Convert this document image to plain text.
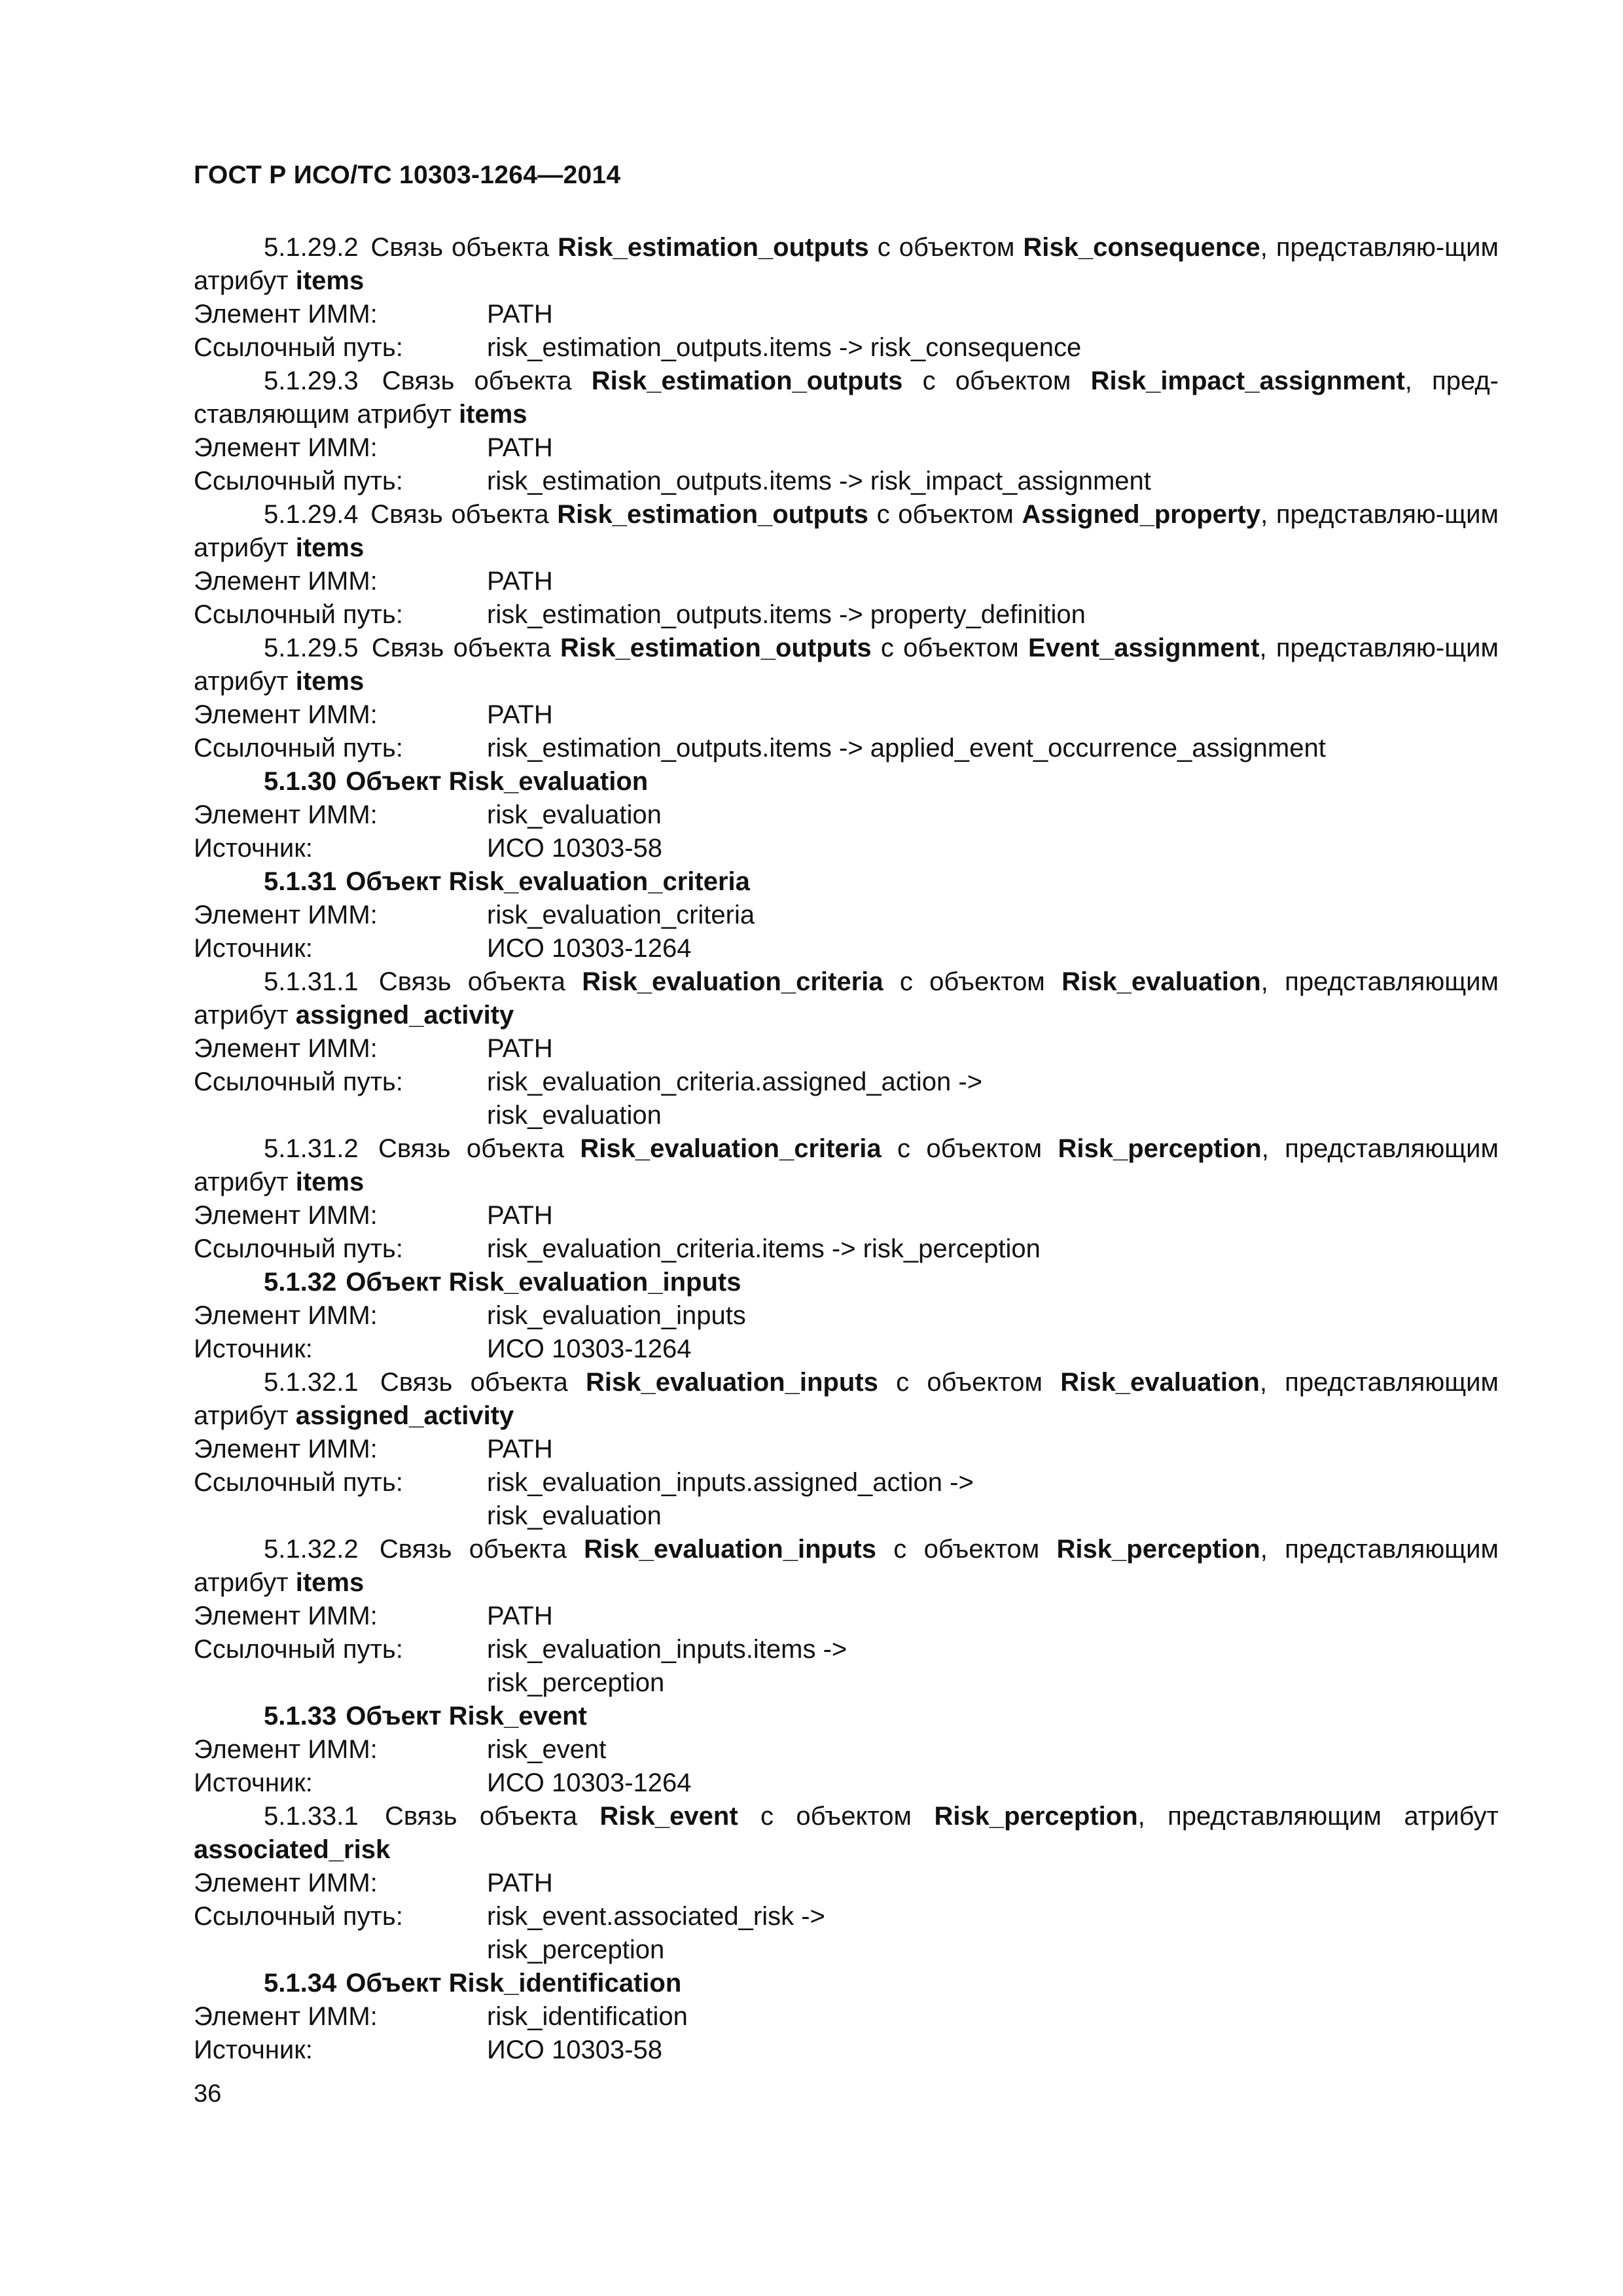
ГОСТ Р ИСО/ТС 10303-1264—2014
5.1.29.2 Связь объекта Risk_estimation_outputs с объектом Risk_consequence, представляю-щим атрибут items
Элемент ИММ:	PATH
Ссылочный путь:	risk_estimation_outputs.items -> risk_consequence
5.1.29.3 Связь объекта Risk_estimation_outputs с объектом Risk_impact_assignment, пред-ставляющим атрибут items
Элемент ИММ:	PATH
Ссылочный путь:	risk_estimation_outputs.items -> risk_impact_assignment
5.1.29.4 Связь объекта Risk_estimation_outputs с объектом Assigned_property, представляю-щим атрибут items
Элемент ИММ:	PATH
Ссылочный путь:	risk_estimation_outputs.items -> property_definition
5.1.29.5 Связь объекта Risk_estimation_outputs с объектом Event_assignment, представляю-щим атрибут items
Элемент ИММ:	PATH
Ссылочный путь:	risk_estimation_outputs.items -> applied_event_occurrence_assignment
5.1.30 Объект Risk_evaluation
Элемент ИММ:	risk_evaluation
Источник:	ИСО 10303-58
5.1.31 Объект Risk_evaluation_criteria
Элемент ИММ:	risk_evaluation_criteria
Источник:	ИСО 10303-1264
5.1.31.1 Связь объекта Risk_evaluation_criteria с объектом Risk_evaluation, представляющим атрибут assigned_activity
Элемент ИММ:	PATH
Ссылочный путь:	risk_evaluation_criteria.assigned_action ->
risk_evaluation
5.1.31.2 Связь объекта Risk_evaluation_criteria с объектом Risk_perception, представляющим атрибут items
Элемент ИММ:	PATH
Ссылочный путь:	risk_evaluation_criteria.items -> risk_perception
5.1.32 Объект Risk_evaluation_inputs
Элемент ИММ:	risk_evaluation_inputs
Источник:	ИСО 10303-1264
5.1.32.1 Связь объекта Risk_evaluation_inputs с объектом Risk_evaluation, представляющим атрибут assigned_activity
Элемент ИММ:	PATH
Ссылочный путь:	risk_evaluation_inputs.assigned_action ->
risk_evaluation
5.1.32.2 Связь объекта Risk_evaluation_inputs с объектом Risk_perception, представляющим атрибут items
Элемент ИММ:	PATH
Ссылочный путь:	risk_evaluation_inputs.items ->
risk_perception
5.1.33 Объект Risk_event
Элемент ИММ:	risk_event
Источник:	ИСО 10303-1264
5.1.33.1 Связь объекта Risk_event с объектом Risk_perception, представляющим атрибут associated_risk
Элемент ИММ:	PATH
Ссылочный путь:	risk_event.associated_risk ->
risk_perception
5.1.34 Объект Risk_identification
Элемент ИММ:	risk_identification
Источник:	ИСО 10303-58
36
